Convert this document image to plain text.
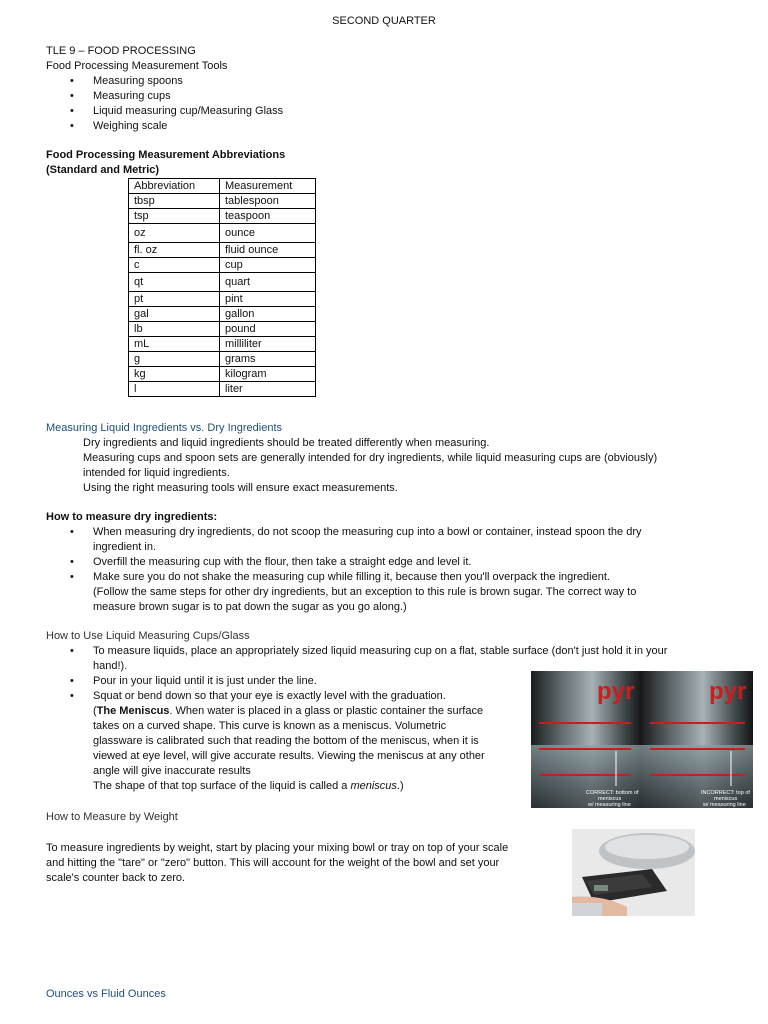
SECOND QUARTER
TLE 9 – FOOD PROCESSING
Food Processing Measurement Tools
• Measuring spoons
• Measuring cups
• Liquid measuring cup/Measuring Glass
• Weighing scale
Food Processing Measurement Abbreviations
(Standard and Metric)
Abbreviation	Measurement
tbsp	tablespoon
tsp	teaspoon
oz	ounce
fl. oz	fluid ounce
c	cup
qt	quart
pt	pint
gal	gallon
lb	pound
mL	milliliter
g	grams
kg	kilogram
l	liter
Measuring Liquid Ingredients vs. Dry Ingredients
Dry ingredients and liquid ingredients should be treated differently when measuring.
Measuring cups and spoon sets are generally intended for dry ingredients, while liquid measuring cups are (obviously)
intended for liquid ingredients.
Using the right measuring tools will ensure exact measurements.
How to measure dry ingredients:
• When measuring dry ingredients, do not scoop the measuring cup into a bowl or container, instead spoon the dry
ingredient in.
• Overfill the measuring cup with the flour, then take a straight edge and level it.
• Make sure you do not shake the measuring cup while filling it, because then you'll overpack the ingredient.
(Follow the same steps for other dry ingredients, but an exception to this rule is brown sugar. The correct way to
measure brown sugar is to pat down the sugar as you go along.)
How to Use Liquid Measuring Cups/Glass
• To measure liquids, place an appropriately sized liquid measuring cup on a flat, stable surface (don't just hold it in your
hand!).
• Pour in your liquid until it is just under the line.
• Squat or bend down so that your eye is exactly level with the graduation.
(The Meniscus. When water is placed in a glass or plastic container the surface
takes on a curved shape. This curve is known as a meniscus. Volumetric
glassware is calibrated such that reading the bottom of the meniscus, when it is
viewed at eye level, will give accurate results. Viewing the meniscus at any other
angle will give inaccurate results
The shape of that top surface of the liquid is called a meniscus.)
pyr
CORRECT: bottom of
meniscus
w/ measuring line
pyr
INCORRECT: top of
meniscus
w/ measuring line
How to Measure by Weight
To measure ingredients by weight, start by placing your mixing bowl or tray on top of your scale
and hitting the "tare" or "zero" button. This will account for the weight of the bowl and set your
scale's counter back to zero.
Ounces vs Fluid Ounces
